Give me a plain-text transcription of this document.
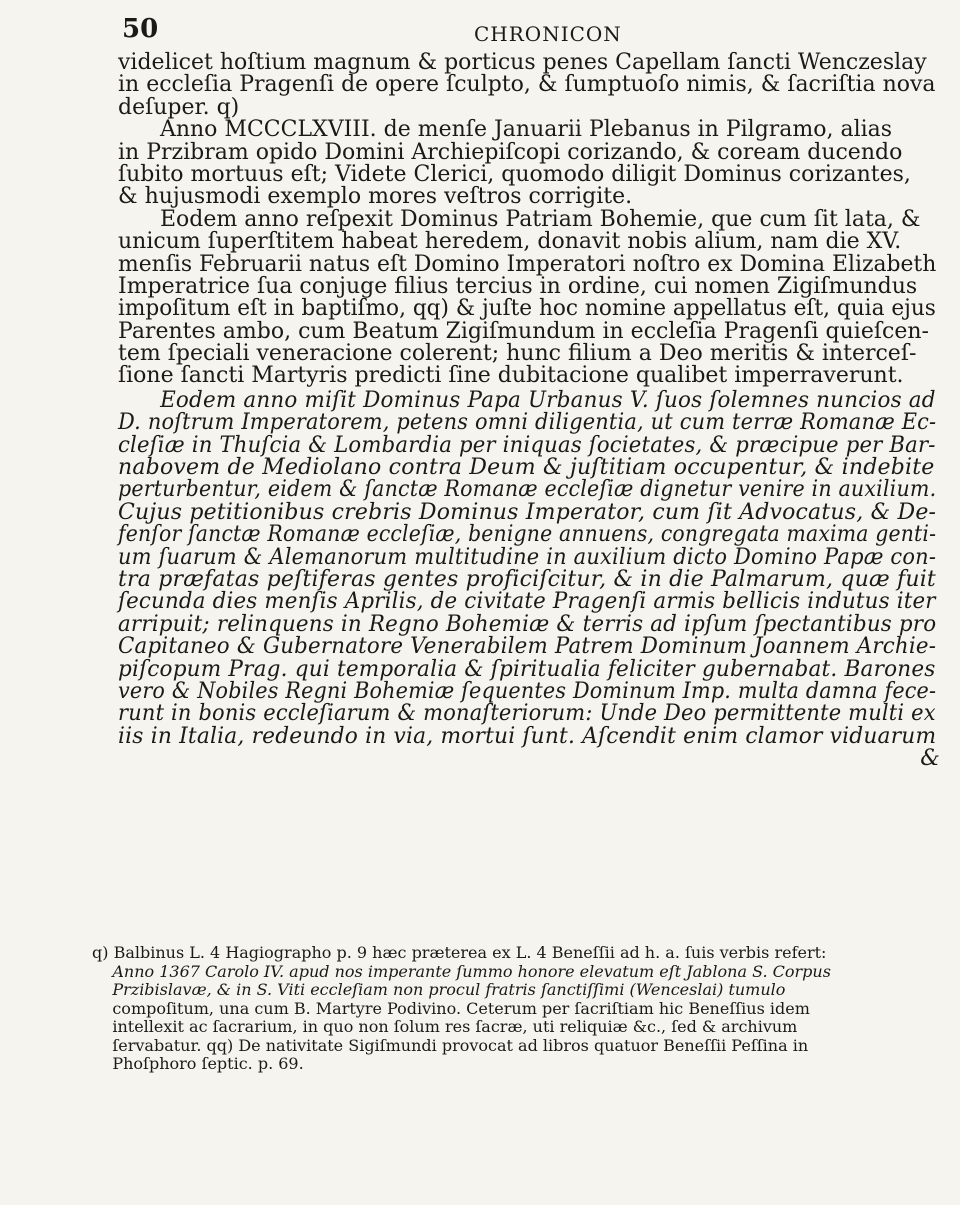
50	CHRONICON
videlicet hoſtium magnum & porticus penes Capellam ſancti Wenczeslay
in eccleſia Pragenſi de opere ſculpto, & ſumptuoſo nimis, & ſacriſtia nova
deſuper. q)
Anno MCCCLXVIII. de menſe Januarii Plebanus in Pilgramo, alias
in Przibram opido Domini Archiepiſcopi corizando, & coream ducendo
ſubito mortuus eſt; Videte Clerici, quomodo diligit Dominus corizantes,
& hujusmodi exemplo mores veſtros corrigite.
Eodem anno reſpexit Dominus Patriam Bohemie, que cum ſit lata, &
unicum ſuperſtitem habeat heredem, donavit nobis alium, nam die XV.
menſis Februarii natus eſt Domino Imperatori noſtro ex Domina Elizabeth
Imperatrice ſua conjuge filius tercius in ordine, cui nomen Zigiſmundus
impoſitum eſt in baptiſmo, qq) & juſte hoc nomine appellatus eſt, quia ejus
Parentes ambo, cum Beatum Zigiſmundum in eccleſia Pragenſi quieſcen-
tem ſpeciali veneracione colerent; hunc filium a Deo meritis & interceſ-
ſione ſancti Martyris predicti ſine dubitacione qualibet imperraverunt.
Eodem anno miſit Dominus Papa Urbanus V. ſuos ſolemnes nuncios ad
D. noſtrum Imperatorem, petens omni diligentia, ut cum terræ Romanæ Ec-
cleſiæ in Thuſcia & Lombardia per iniquas ſocietates, & præcipue per Bar-
nabovem de Mediolano contra Deum & juſtitiam occupentur, & indebite
perturbentur, eidem & ſanctæ Romanæ eccleſiæ dignetur venire in auxilium.
Cujus petitionibus crebris Dominus Imperator, cum ſit Advocatus, & De-
fenſor ſanctæ Romanæ eccleſiæ, benigne annuens, congregata maxima genti-
um ſuarum & Alemanorum multitudine in auxilium dicto Domino Papæ con-
tra præfatas peſtiferas gentes proficiſcitur, & in die Palmarum, quæ fuit
ſecunda dies menſis Aprilis, de civitate Pragenſi armis bellicis indutus iter
arripuit; relinquens in Regno Bohemiæ & terris ad ipſum ſpectantibus pro
Capitaneo & Gubernatore Venerabilem Patrem Dominum Joannem Archie-
piſcopum Prag. qui temporalia & ſpiritualia feliciter gubernabat. Barones
vero & Nobiles Regni Bohemiæ ſequentes Dominum Imp. multa damna fece-
runt in bonis eccleſiarum & monaſteriorum: Unde Deo permittente multi ex
iis in Italia, redeundo in via, mortui ſunt. Aſcendit enim clamor viduarum
&
q) Balbinus L. 4 Hagiographo p. 9 hæc præterea ex L. 4 Beneſſii ad h. a. ſuis verbis refert:
Anno 1367 Carolo IV. apud nos imperante ſummo honore elevatum eſt Jablona S. Corpus
Przibislavæ, & in S. Viti eccleſiam non procul fratris ſanctiſſimi (Wenceslai) tumulo
compoſitum, una cum B. Martyre Podivino. Ceterum per ſacriſtiam hic Beneſſius idem
intellexit ac ſacrarium, in quo non ſolum res ſacræ, uti reliquiæ &c., ſed & archivum
ſervabatur. qq) De nativitate Sigiſmundi provocat ad libros quatuor Beneſſii Peſſina in
Phoſphoro ſeptic. p. 69.
